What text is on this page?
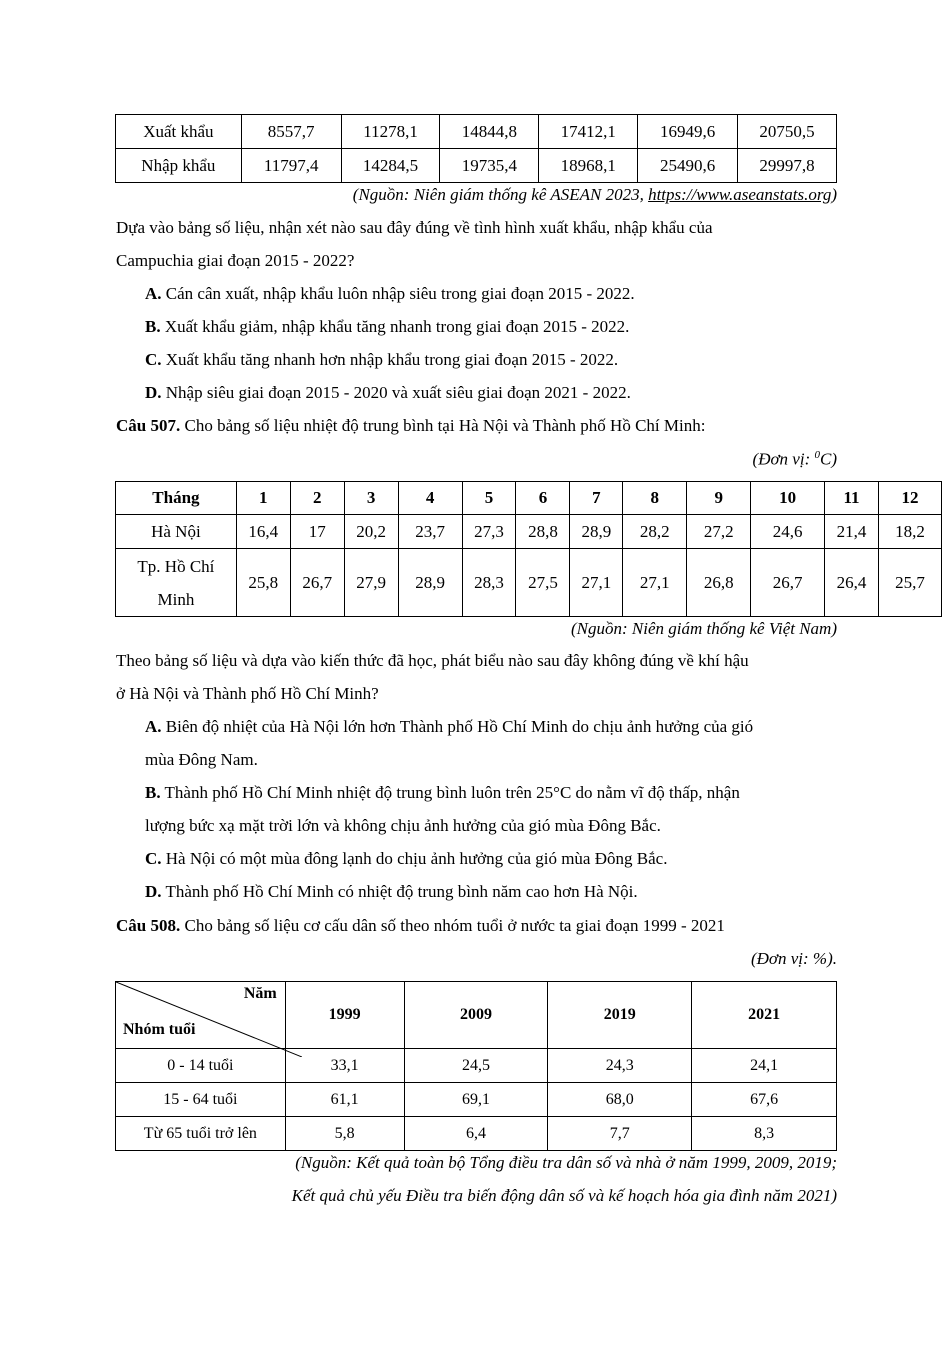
Xuất khẩu	8557,7	11278,1	14844,8	17412,1	16949,6	20750,5
Nhập khẩu	11797,4	14284,5	19735,4	18968,1	25490,6	29997,8
(Nguồn: Niên giám thống kê ASEAN 2023, https://www.aseanstats.org)
Dựa vào bảng số liệu, nhận xét nào sau đây đúng về tình hình xuất khẩu, nhập khẩu của
Campuchia giai đoạn 2015 - 2022?
A. Cán cân xuất, nhập khẩu luôn nhập siêu trong giai đoạn 2015 - 2022.
B. Xuất khẩu giảm, nhập khẩu tăng nhanh trong giai đoạn 2015 - 2022.
C. Xuất khẩu tăng nhanh hơn nhập khẩu trong giai đoạn 2015 - 2022.
D. Nhập siêu giai đoạn 2015 - 2020 và xuất siêu giai đoạn 2021 - 2022.
Câu 507. Cho bảng số liệu nhiệt độ trung bình tại Hà Nội và Thành phố Hồ Chí Minh:
(Đơn vị: $^0$C)
Tháng	1	2	3	4	5	6	7	8	9	10	11	12
Hà Nội	16,4	17	20,2	23,7	27,3	28,8	28,9	28,2	27,2	24,6	21,4	18,2

Tp. Hồ Chí
Minh	25,8	26,7	27,9	28,9	28,3	27,5	27,1	27,1	26,8	26,7	26,4	25,7
(Nguồn: Niên giám thống kê Việt Nam)
Theo bảng số liệu và dựa vào kiến thức đã học, phát biểu nào sau đây không đúng về khí hậu
ở Hà Nội và Thành phố Hồ Chí Minh?
A. Biên độ nhiệt của Hà Nội lớn hơn Thành phố Hồ Chí Minh do chịu ảnh hưởng của gió
mùa Đông Nam.
B. Thành phố Hồ Chí Minh nhiệt độ trung bình luôn trên 25°C do nằm vĩ độ thấp, nhận
lượng bức xạ mặt trời lớn và không chịu ảnh hưởng của gió mùa Đông Bắc.
C. Hà Nội có một mùa đông lạnh do chịu ảnh hưởng của gió mùa Đông Bắc.
D. Thành phố Hồ Chí Minh có nhiệt độ trung bình năm cao hơn Hà Nội.
Câu 508. Cho bảng số liệu cơ cấu dân số theo nhóm tuổi ở nước ta giai đoạn 1999 - 2021
(Đơn vị: %).
Năm
Nhóm tuổi	1999	2009	2019	2021
0 - 14 tuổi	33,1	24,5	24,3	24,1
15 - 64 tuổi	61,1	69,1	68,0	67,6
Từ 65 tuổi trở lên	5,8	6,4	7,7	8,3
(Nguồn: Kết quả toàn bộ Tổng điều tra dân số và nhà ở năm 1999, 2009, 2019;
Kết quả chủ yếu Điều tra biến động dân số và kế hoạch hóa gia đình năm 2021)
